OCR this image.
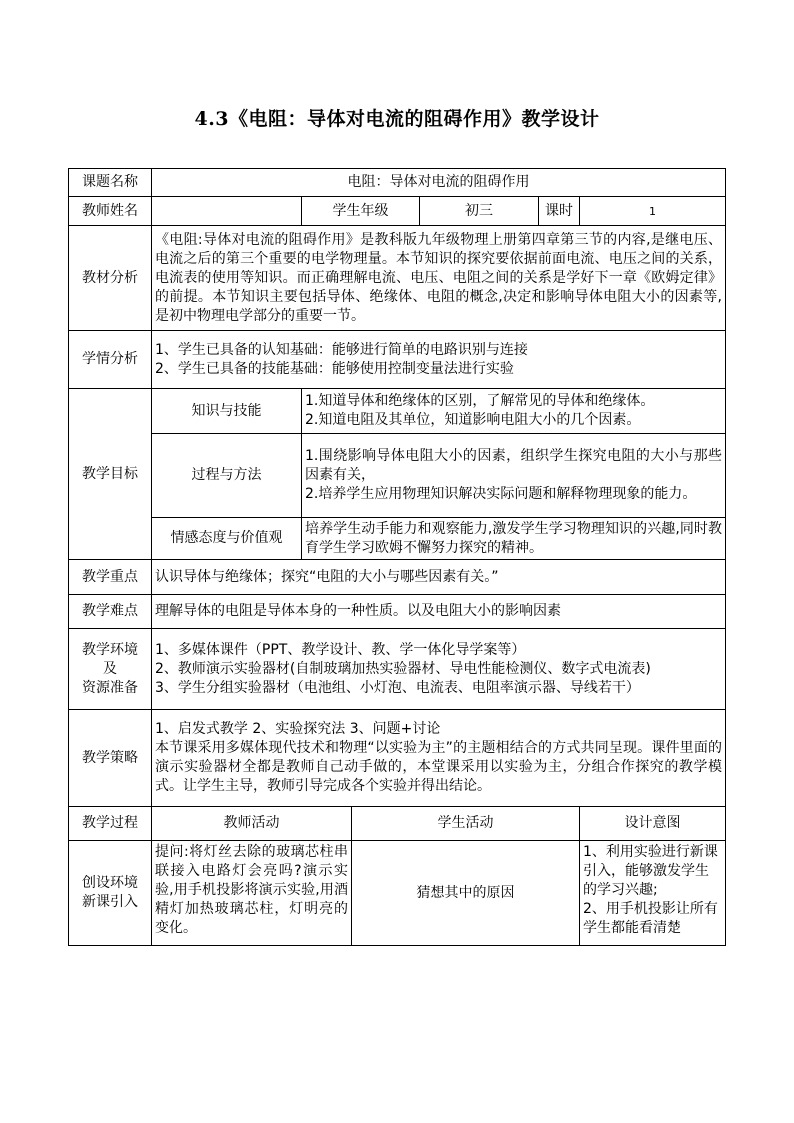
4.3《电阻：导体对电流的阻碍作用》教学设计
课题名称	电阻：导体对电流的阻碍作用					
教师姓名		学生年级		初三	课时	1
教材分析	《电阻:导体对电流的阻碍作用》是教科版九年级物理上册第四章第三节的内容,是继电压、电流之后的第三个重要的电学物理量。本节知识的探究要依据前面电流、电压之间的关系，电流表的使用等知识。而正确理解电流、电压、电阻之间的关系是学好下一章《欧姆定律》的前提。本节知识主要包括导体、绝缘体、电阻的概念,决定和影响导体电阻大小的因素等,是初中物理电学部分的重要一节。					
学情分析	1、学生已具备的认知基础：能够进行简单的电路识别与连接
2、学生已具备的技能基础：能够使用控制变量法进行实验					

教学目标	知识与技能	1.知道导体和绝缘体的区别，了解常见的导体和绝缘体。
2.知道电阻及其单位，知道影响电阻大小的几个因素。				

	过程与方法	1.围绕影响导体电阻大小的因素，组织学生探究电阻的大小与那些因素有关，
2.培养学生应用物理知识解决实际问题和解释物理现象的能力。				

	情感态度与价值观	培养学生动手能力和观察能力,激发学生学习物理知识的兴趣,同时教育学生学习欧姆不懈努力探究的精神。				
教学重点	认识导体与绝缘体；探究“电阻的大小与哪些因素有关。”					
教学难点	理解导体的电阻是导体本身的一种性质。以及电阻大小的影响因素					

教学环境
及
资源准备	1、多媒体课件（PPT、教学设计、教、学一体化导学案等）
2、教师演示实验器材(自制玻璃加热实验器材、导电性能检测仪、数字式电流表)
3、学生分组实验器材（电池组、小灯泡、电流表、电阻率演示器、导线若干）					

教学策略	1、启发式教学 2、实验探究法 3、问题+讨论
本节课采用多媒体现代技术和物理“以实验为主”的主题相结合的方式共同呈现。课件里面的演示实验器材全都是教师自己动手做的，本堂课采用以实验为主，分组合作探究的教学模式。让学生主导，教师引导完成各个实验并得出结论。					

教学过程	教师活动		学生活动			设计意图

创设环境
新课引入	提问:将灯丝去除的玻璃芯柱串联接入电路灯会亮吗?演示实验,用手机投影将演示实验,用酒精灯加热玻璃芯柱，灯明亮的变化。		猜想其中的原因			1、利用实验进行新课引入，能够激发学生的学习兴趣;
2、用手机投影让所有学生都能看清楚
